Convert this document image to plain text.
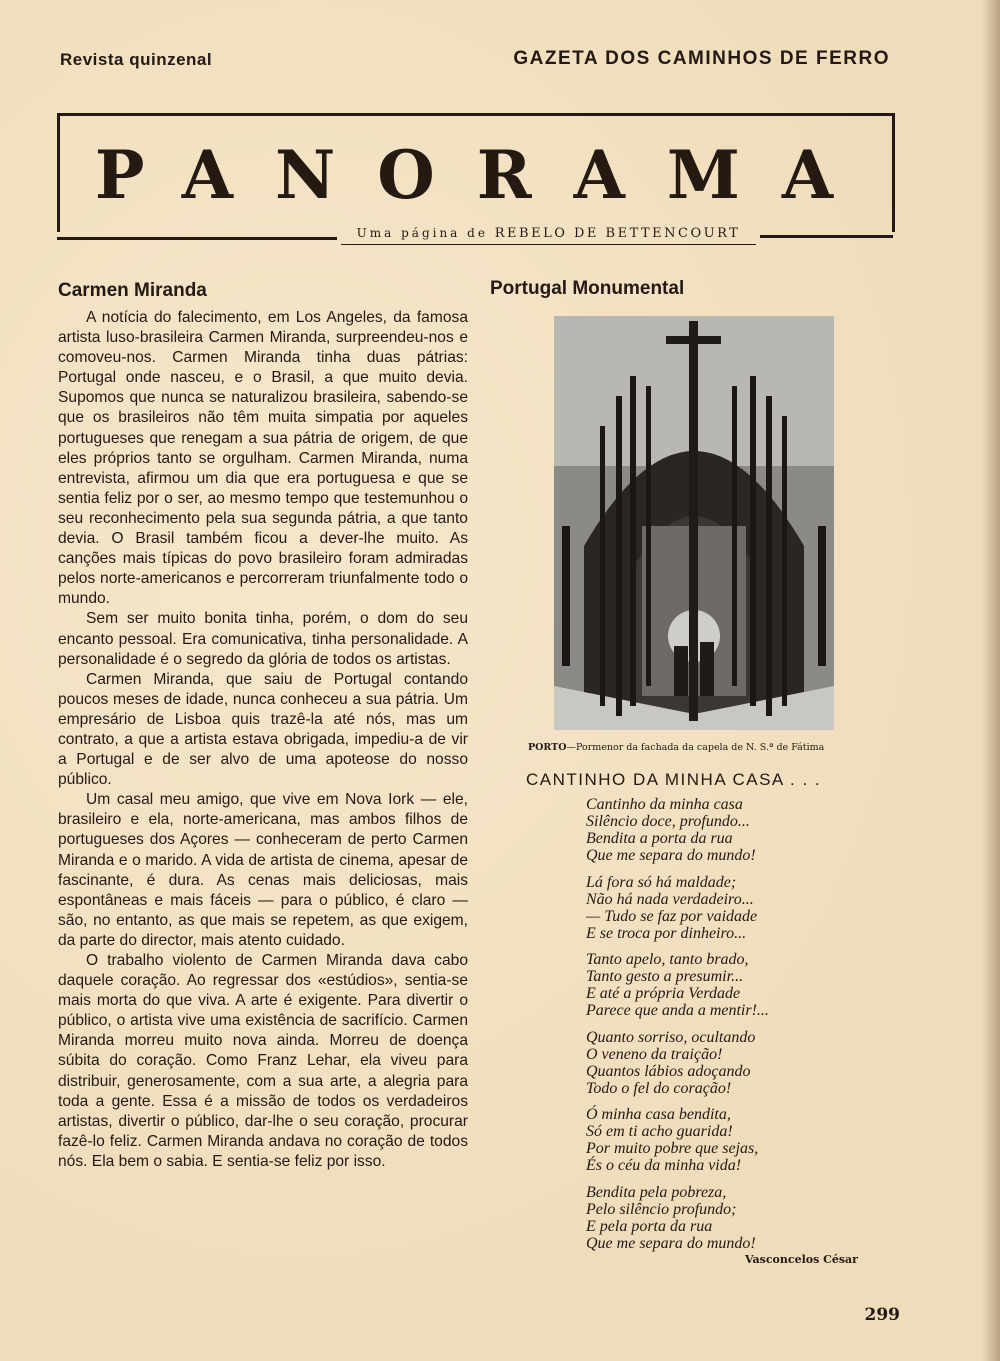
Revista quinzenal	GAZETA DOS CAMINHOS DE FERRO
PANORAMA
Uma página de REBELO DE BETTENCOURT
Carmen Miranda

A notícia do falecimento, em Los Angeles, da famosa artista luso-brasileira Carmen Miranda, surpreendeu-nos e comoveu-nos. Carmen Miranda tinha duas pátrias: Portugal onde nasceu, e o Brasil, a que muito devia. Supomos que nunca se naturalizou brasileira, sabendo-se que os brasileiros não têm muita simpatia por aqueles portugueses que renegam a sua pátria de origem, de que eles próprios tanto se orgulham. Carmen Miranda, numa entrevista, afirmou um dia que era portuguesa e que se sentia feliz por o ser, ao mesmo tempo que testemunhou o seu reconhecimento pela sua segunda pátria, a que tanto devia. O Brasil também ficou a dever-lhe muito. As canções mais típicas do povo brasileiro foram admiradas pelos norte-americanos e percorreram triunfalmente todo o mundo.

Sem ser muito bonita tinha, porém, o dom do seu encanto pessoal. Era comunicativa, tinha personalidade. A personalidade é o segredo da glória de todos os artistas.

Carmen Miranda, que saiu de Portugal contando poucos meses de idade, nunca conheceu a sua pátria. Um empresário de Lisboa quis trazê-la até nós, mas um contrato, a que a artista estava obrigada, impediu-a de vir a Portugal e de ser alvo de uma apoteose do nosso público.

Um casal meu amigo, que vive em Nova Iork — ele, brasileiro e ela, norte-americana, mas ambos filhos de portugueses dos Açores — conheceram de perto Carmen Miranda e o marido. A vida de artista de cinema, apesar de fascinante, é dura. As cenas mais deliciosas, mais espontâneas e mais fáceis — para o público, é claro — são, no entanto, as que mais se repetem, as que exigem, da parte do director, mais atento cuidado.

O trabalho violento de Carmen Miranda dava cabo daquele coração. Ao regressar dos «estúdios», sentia-se mais morta do que viva. A arte é exigente. Para divertir o público, o artista vive uma existência de sacrifício. Carmen Miranda morreu muito nova ainda. Morreu de doença súbita do coração. Como Franz Lehar, ela viveu para distribuir, generosamente, com a sua arte, a alegria para toda a gente. Essa é a missão de todos os verdadeiros artistas, divertir o público, dar-lhe o seu coração, procurar fazê-lo feliz. Carmen Miranda andava no coração de todos nós. Ela bem o sabia. E sentia-se feliz por isso.

Portugal Monumental
PORTO—Pormenor da fachada da capela de N. S.ª de Fátima
CANTINHO DA MINHA CASA . . .
Cantinho da minha casa
Silêncio doce, profundo...
Bendita a porta da rua
Que me separa do mundo!
Lá fora só há maldade;
Não há nada verdadeiro...
— Tudo se faz por vaidade
E se troca por dinheiro...
Tanto apelo, tanto brado,
Tanto gesto a presumir...
E até a própria Verdade
Parece que anda a mentir!...
Quanto sorriso, ocultando
O veneno da traição!
Quantos lábios adoçando
Todo o fel do coração!
Ó minha casa bendita,
Só em ti acho guarida!
Por muito pobre que sejas,
És o céu da minha vida!
Bendita pela pobreza,
Pelo silêncio profundo;
E pela porta da rua
Que me separa do mundo!
Vasconcelos César
299
